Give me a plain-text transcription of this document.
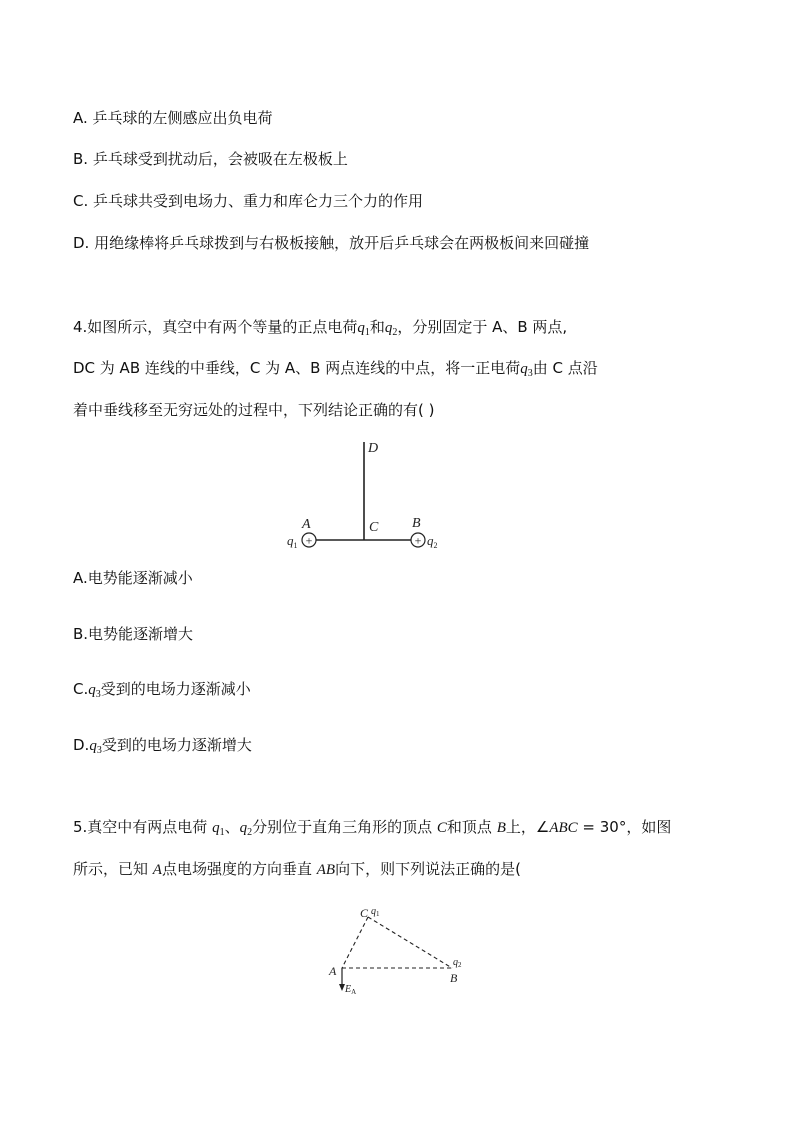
A. 乒乓球的左侧感应出负电荷
B. 乒乓球受到扰动后，会被吸在左极板上
C. 乒乓球共受到电场力、重力和库仑力三个力的作用
D. 用绝缘棒将乒乓球拨到与右极板接触，放开后乒乓球会在两极板间来回碰撞
4.如图所示，真空中有两个等量的正点电荷$q_1$和$q_2$，分别固定于 A、B 两点,
DC 为 AB 连线的中垂线，C 为 A、B 两点连线的中点，将一正电荷$q_3$由 C 点沿
着中垂线移至无穷远处的过程中，下列结论正确的有( )
+	+
D
A	C B
$q_1$	$q_2$
A.电势能逐渐减小
B.电势能逐渐增大
$C.q_3$受到的电场力逐渐减小
$D.q_3$受到的电场力逐渐增大
5.真空中有两点电荷 $q_1$、$q_2$分别位于直角三角形的顶点 C和顶点 B上，∠ABC = 30°，如图
所示，已知 A点电场强度的方向垂直 AB向下，则下列说法正确的是(
C $q_1$
A	B
$q_2$
$E_A$
